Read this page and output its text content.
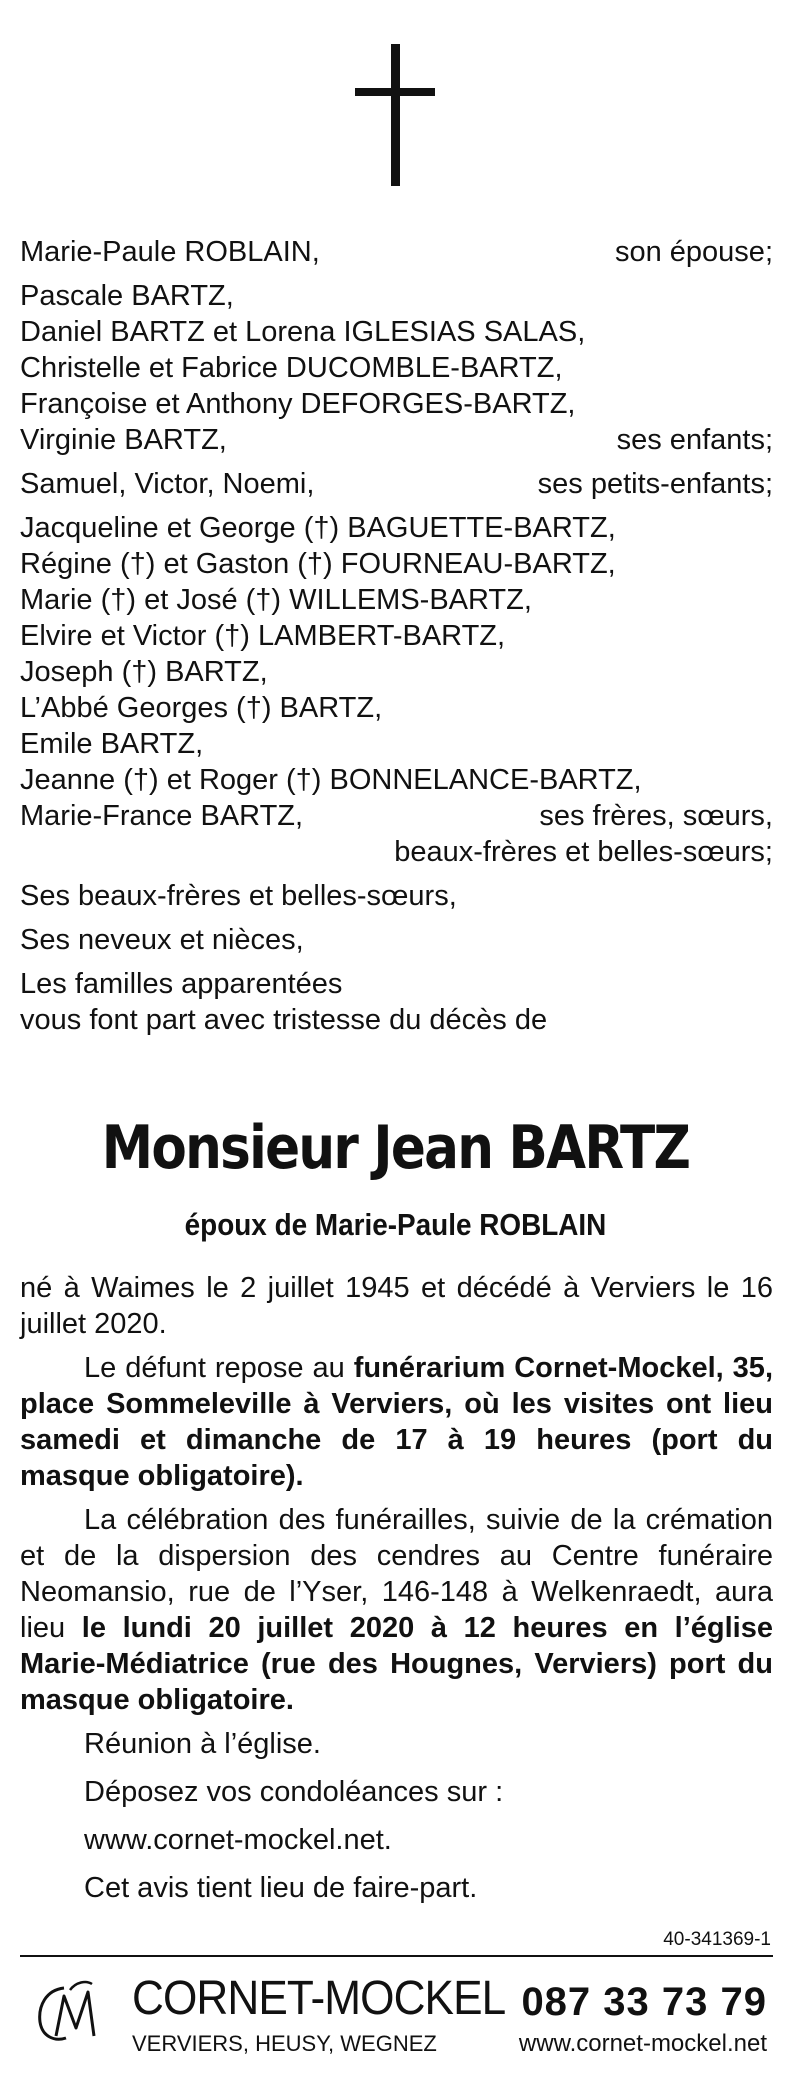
Marie-Paule ROBLAIN,	son épouse;
Pascale BARTZ,
Daniel BARTZ et Lorena IGLESIAS SALAS,
Christelle et Fabrice DUCOMBLE-BARTZ,
Françoise et Anthony DEFORGES-BARTZ,
Virginie BARTZ,	ses enfants;
Samuel, Victor, Noemi,	ses petits-enfants;
Jacqueline et George (†) BAGUETTE-BARTZ,
Régine (†) et Gaston (†) FOURNEAU-BARTZ,
Marie (†) et José (†) WILLEMS-BARTZ,
Elvire et Victor (†) LAMBERT-BARTZ,
Joseph (†) BARTZ,
L’Abbé Georges (†) BARTZ,
Emile BARTZ,
Jeanne (†) et Roger (†) BONNELANCE-BARTZ,
Marie-France BARTZ,	ses frères, sœurs,
beaux-frères et belles-sœurs;
Ses beaux-frères et belles-sœurs,
Ses neveux et nièces,
Les familles apparentées
vous font part avec tristesse du décès de
Monsieur Jean BARTZ
époux de Marie-Paule ROBLAIN

né à Waimes le 2 juillet 1945 et décédé à Verviers le 16 juillet 2020.

Le défunt repose au funérarium Cornet-Mockel, 35, place Sommeleville à Verviers, où les visites ont lieu samedi et dimanche de 17 à 19 heures (port du masque obligatoire).

La célébration des funérailles, suivie de la crémation et de la dispersion des cendres au Centre funéraire Neomansio, rue de l’Yser, 146-148 à Welkenraedt, aura lieu le lundi 20 juillet 2020 à 12 heures en l’église Marie-Médiatrice (rue des Hougnes, Verviers) port du masque obligatoire.

Réunion à l’église.
Déposez vos condoléances sur :
www.cornet-mockel.net.
Cet avis tient lieu de faire-part.
40-341369-1
CORNET-MOCKEL
VERVIERS, HEUSY, WEGNEZ
087 33 73 79
www.cornet-mockel.net
